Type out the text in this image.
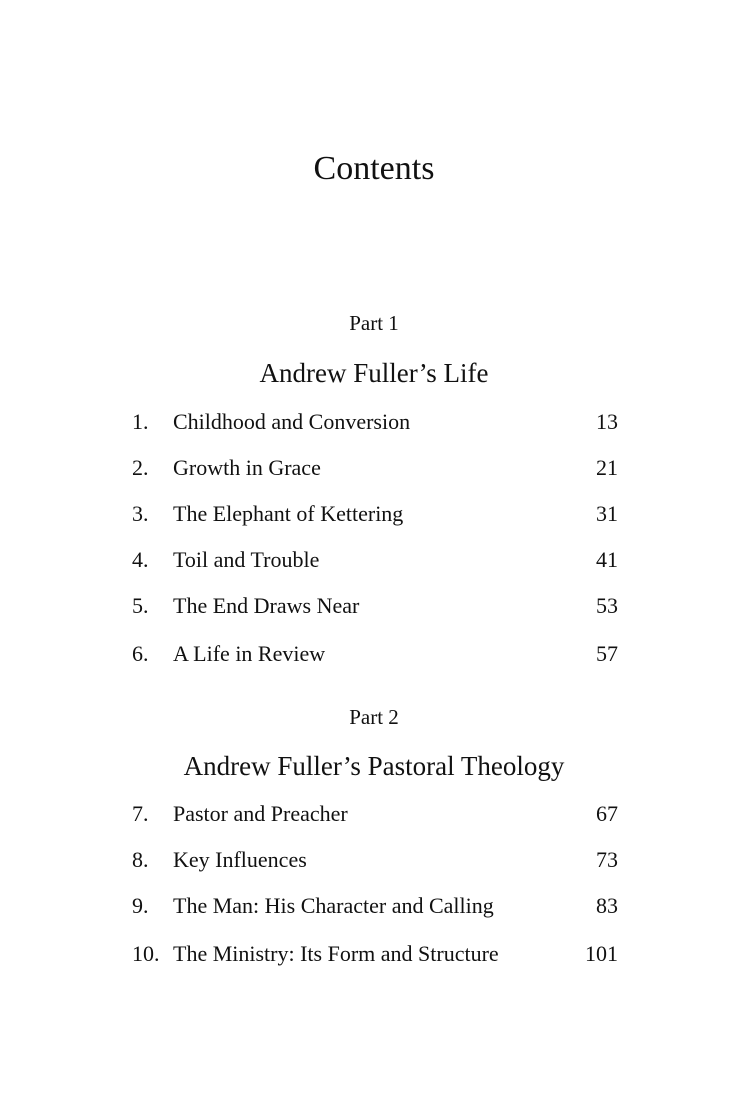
Contents
Part 1
Andrew Fuller’s Life
1. Childhood and Conversion	13
2. Growth in Grace	21
3. The Elephant of Kettering	31
4. Toil and Trouble	41
5. The End Draws Near	53
6. A Life in Review	57
Part 2
Andrew Fuller’s Pastoral Theology
7. Pastor and Preacher	67
8. Key Influences	73
9. The Man: His Character and Calling	83
10. The Ministry: Its Form and Structure	101
